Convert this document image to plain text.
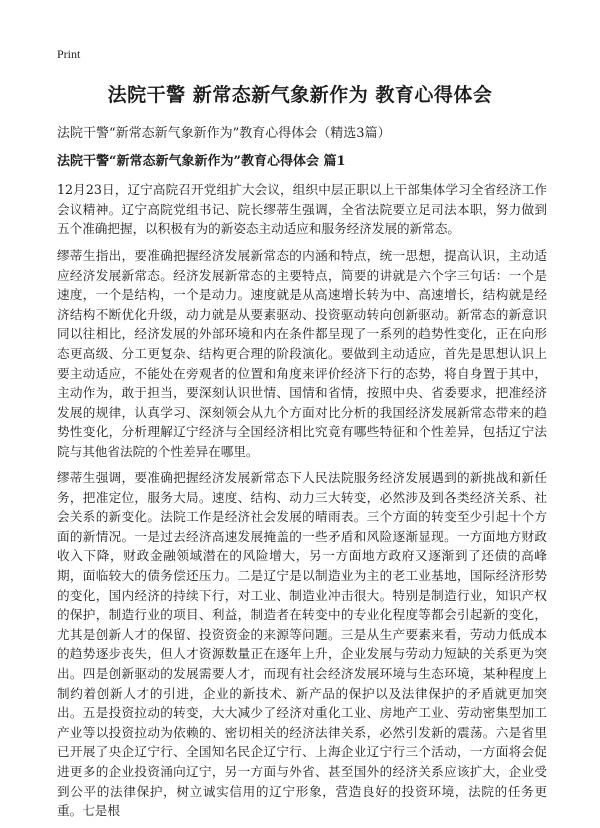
Print
法院干警 新常态新气象新作为 教育心得体会
法院干警“新常态新气象新作为”教育心得体会（精选3篇）
法院干警“新常态新气象新作为”教育心得体会 篇1

12月23日，辽宁高院召开党组扩大会议，组织中层正职以上干部集体学习全省经济工作会议精神。辽宁高院党组书记、院长缪蒂生强调，全省法院要立足司法本职，努力做到五个准确把握，以积极有为的新姿态主动适应和服务经济发展的新常态。

缪蒂生指出，要准确把握经济发展新常态的内涵和特点，统一思想，提高认识，主动适应经济发展新常态。经济发展新常态的主要特点，简要的讲就是六个字三句话：一个是速度，一个是结构，一个是动力。速度就是从高速增长转为中、高速增长，结构就是经济结构不断优化升级，动力就是从要素驱动、投资驱动转向创新驱动。新常态的新意识同以往相比，经济发展的外部环境和内在条件都呈现了一系列的趋势性变化，正在向形态更高级、分工更复杂、结构更合理的阶段演化。要做到主动适应，首先是思想认识上要主动适应，不能处在旁观者的位置和角度来评价经济下行的态势，将自身置于其中，主动作为，敢于担当，要深刻认识世情、国情和省情，按照中央、省委要求，把准经济发展的规律，认真学习、深刻领会从九个方面对比分析的我国经济发展新常态带来的趋势性变化，分析理解辽宁经济与全国经济相比究竟有哪些特征和个性差异，包括辽宁法院与其他省法院的个性差异在哪里。

缪蒂生强调，要准确把握经济发展新常态下人民法院服务经济发展遇到的新挑战和新任务，把准定位，服务大局。速度、结构、动力三大转变，必然涉及到各类经济关系、社会关系的新变化。法院工作是经济社会发展的晴雨表。三个方面的转变至少引起十个方面的新情况。一是过去经济高速发展掩盖的一些矛盾和风险逐渐显现。一方面地方财政收入下降，财政金融领域潜在的风险增大，另一方面地方政府又逐渐到了还债的高峰期，面临较大的债务偿还压力。二是辽宁是以制造业为主的老工业基地，国际经济形势的变化，国内经济的持续下行，对工业、制造业冲击很大。特别是制造行业，知识产权的保护，制造行业的项目、利益，制造者在转变中的专业化程度等都会引起新的变化，尤其是创新人才的保留、投资资金的来源等问题。三是从生产要素来看，劳动力低成本的趋势逐步丧失，但人才资源数量正在逐年上升，企业发展与劳动力短缺的关系更为突出。四是创新驱动的发展需要人才，而现有社会经济发展环境与生态环境，某种程度上制约着创新人才的引进，企业的新技术、新产品的保护以及法律保护的矛盾就更加突出。五是投资拉动的转变，大大减少了经济对重化工业、房地产工业、劳动密集型加工产业等以投资拉动为依赖的、密切相关的经济法律关系，必然引发新的震荡。六是省里已开展了央企辽宁行、全国知名民企辽宁行、上海企业辽宁行三个活动，一方面将会促进更多的企业投资涌向辽宁，另一方面与外省、甚至国外的经济关系应该扩大，企业受到公平的法律保护，树立诚实信用的辽宁形象，营造良好的投资环境，法院的任务更重。七是根
